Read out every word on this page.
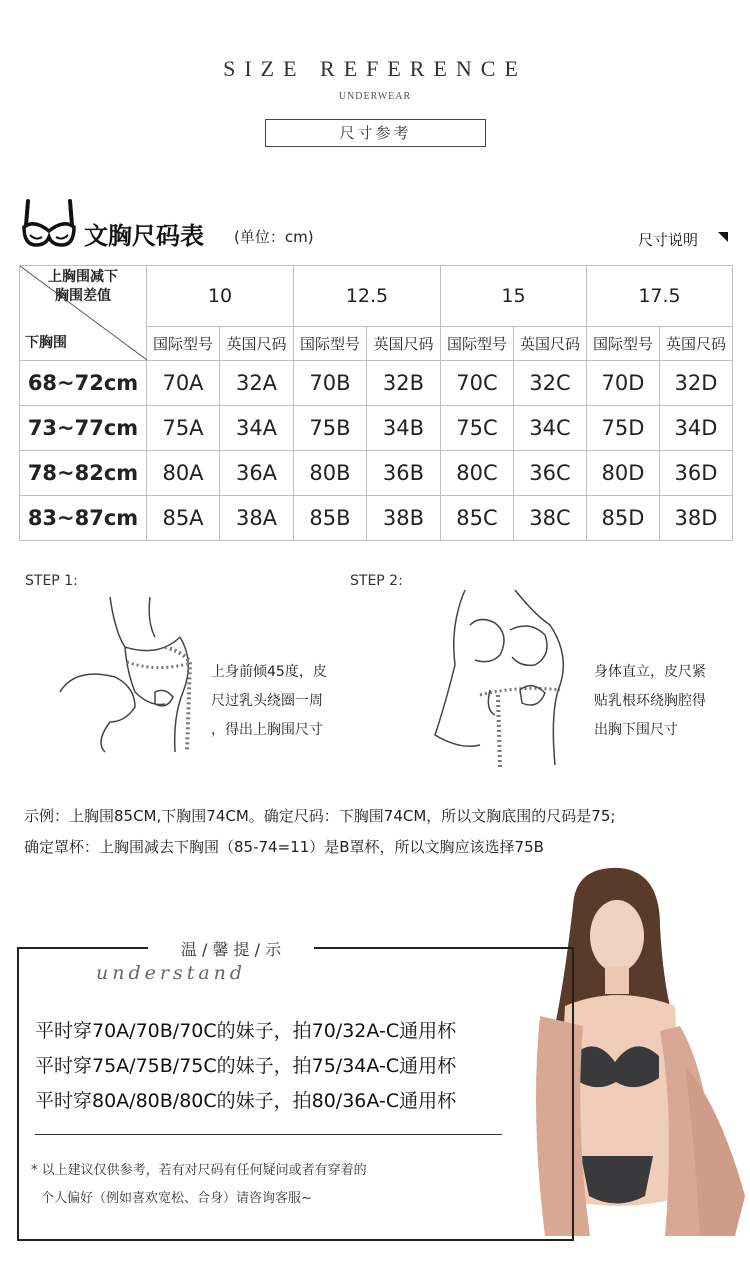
SIZE REFERENCE
UNDERWEAR
尺寸参考
文胸尺码表 (单位：cm)	尺寸说明
上胸围减下
胸围差值
下胸围	10		12.5		15		17.5	
	国际型号	英国尺码	国际型号	英国尺码	国际型号	英国尺码	国际型号	英国尺码
68~72cm	70A	32A	70B	32B	70C	32C	70D	32D
73~77cm	75A	34A	75B	34B	75C	34C	75D	34D
78~82cm	80A	36A	80B	36B	80C	36C	80D	36D
83~87cm	85A	38A	85B	38B	85C	38C	85D	38D
STEP 1:
上身前倾45度，皮
尺过乳头绕圈一周
，得出上胸围尺寸
STEP 2:
身体直立，皮尺紧
贴乳根环绕胸腔得
出胸下围尺寸
示例：上胸围85CM,下胸围74CM。确定尺码：下胸围74CM，所以文胸底围的尺码是75;
确定罩杯：上胸围减去下胸围（85-74=11）是B罩杯，所以文胸应该选择75B
温 / 馨 提 / 示
understand
平时穿70A/70B/70C的妹子，拍70/32A-C通用杯
平时穿75A/75B/75C的妹子，拍75/34A-C通用杯
平时穿80A/80B/80C的妹子，拍80/36A-C通用杯
* 以上建议仅供参考，若有对尺码有任何疑问或者有穿着的
个人偏好（例如喜欢宽松、合身）请咨询客服~
